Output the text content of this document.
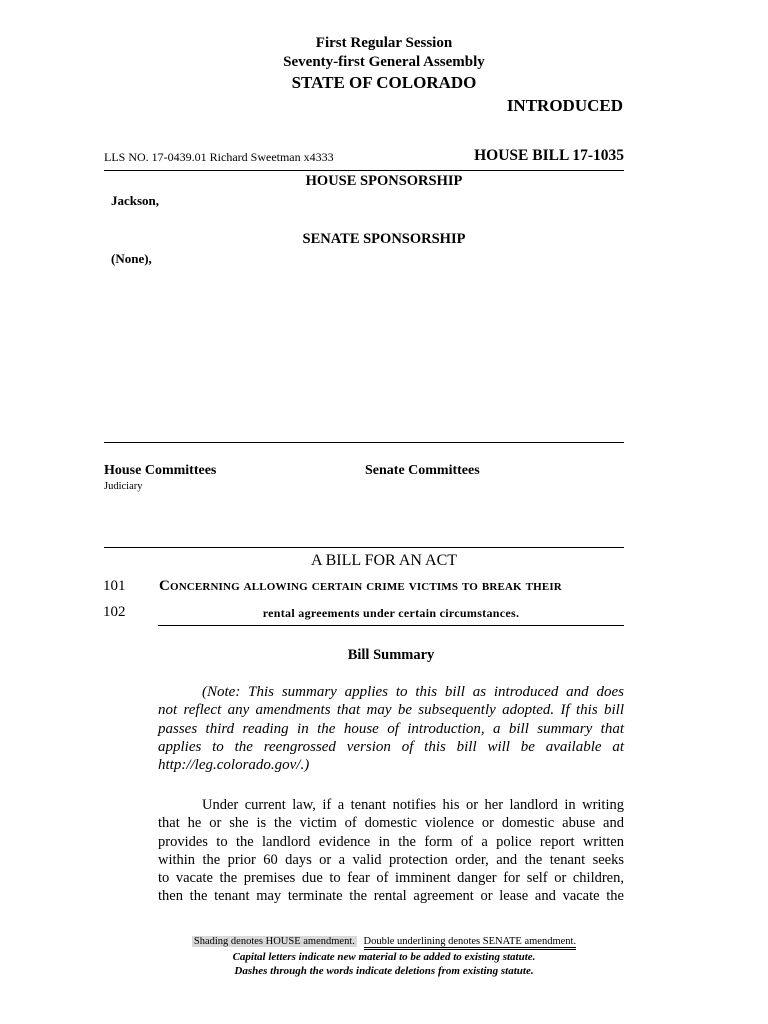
First Regular Session
Seventy-first General Assembly
STATE OF COLORADO
INTRODUCED
LLS NO. 17-0439.01 Richard Sweetman x4333	HOUSE BILL 17-1035
HOUSE SPONSORSHIP
Jackson,
SENATE SPONSORSHIP
(None),
House Committees
Judiciary
Senate Committees
A BILL FOR AN ACT
101 Concerning allowing certain crime victims to break their
102	rental agreements under certain circumstances.
Bill Summary
(Note: This summary applies to this bill as introduced and does
not reflect any amendments that may be subsequently adopted. If this bill
passes third reading in the house of introduction, a bill summary that
applies to the reengrossed version of this bill will be available at
http://leg.colorado.gov/.)
Under current law, if a tenant notifies his or her landlord in writing
that he or she is the victim of domestic violence or domestic abuse and
provides to the landlord evidence in the form of a police report written
within the prior 60 days or a valid protection order, and the tenant seeks
to vacate the premises due to fear of imminent danger for self or children,
then the tenant may terminate the rental agreement or lease and vacate the
Shading denotes HOUSE amendment. Double underlining denotes SENATE amendment.
Capital letters indicate new material to be added to existing statute.
Dashes through the words indicate deletions from existing statute.
